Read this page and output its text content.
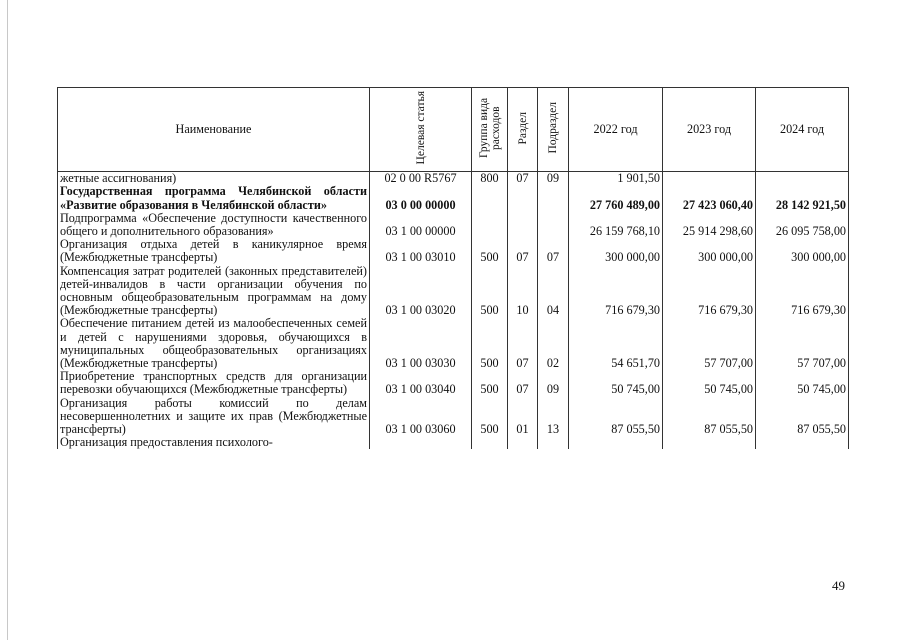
Наименование	Целевая статья	Группа вида расходов	Раздел	Подраздел	2022 год	2023 год	2024 год
жетные ассигнования)	02 0 00 R5767	800	07	09	1 901,50		
Государственная программа Челябинской области «Развитие образования в Челябинской области»	03 0 00 00000				27 760 489,00	27 423 060,40	28 142 921,50
Подпрограмма «Обеспечение доступности качественного общего и дополнительного образования»	03 1 00 00000				26 159 768,10	25 914 298,60	26 095 758,00
Организация отдыха детей в каникулярное время (Межбюджетные трансферты)	03 1 00 03010	500	07	07	300 000,00	300 000,00	300 000,00
Компенсация затрат родителей (законных представителей) детей-инвалидов в части организации обучения по основным общеобразовательным программам на дому (Межбюджетные трансферты)	03 1 00 03020	500	10	04	716 679,30	716 679,30	716 679,30
Обеспечение питанием детей из малообеспеченных семей и детей с нарушениями здоровья, обучающихся в муниципальных общеобразовательных организациях (Межбюджетные трансферты)	03 1 00 03030	500	07	02	54 651,70	57 707,00	57 707,00
Приобретение транспортных средств для организации перевозки обучающихся (Межбюджетные трансферты)	03 1 00 03040	500	07	09	50 745,00	50 745,00	50 745,00
Организация работы комиссий по делам несовершеннолетних и защите их прав (Межбюджетные трансферты)	03 1 00 03060	500	01	13	87 055,50	87 055,50	87 055,50
Организация предоставления психолого-							
49
